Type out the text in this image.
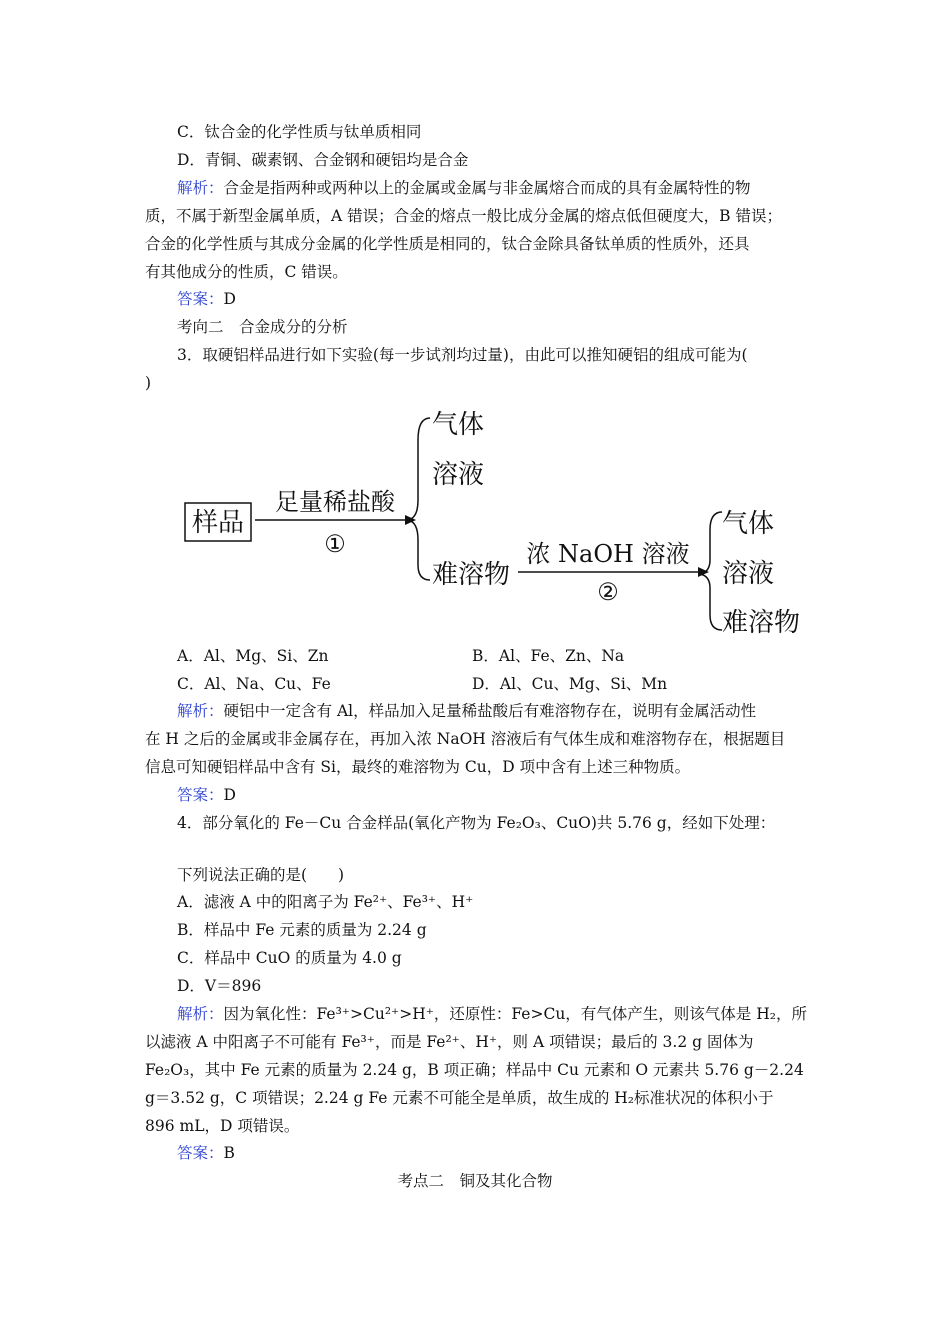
C．钛合金的化学性质与钛单质相同
D．青铜、碳素钢、合金钢和硬铝均是合金
解析：合金是指两种或两种以上的金属或金属与非金属熔合而成的具有金属特性的物
质，不属于新型金属单质，A 错误；合金的熔点一般比成分金属的熔点低但硬度大，B 错误；
合金的化学性质与其成分金属的化学性质是相同的，钛合金除具备钛单质的性质外，还具
有其他成分的性质，C 错误。
答案：D
考向二　合金成分的分析
3．取硬铝样品进行如下实验(每一步试剂均过量)，由此可以推知硬铝的组成可能为(
)
样品
足量稀盐酸
①
气体
溶液
难溶物
浓 NaOH 溶液
②
气体
溶液
难溶物
A．Al、Mg、Si、Zn	B．Al、Fe、Zn、Na
C．Al、Na、Cu、Fe	D．Al、Cu、Mg、Si、Mn
解析：硬铝中一定含有 Al，样品加入足量稀盐酸后有难溶物存在，说明有金属活动性
在 H 之后的金属或非金属存在，再加入浓 NaOH 溶液后有气体生成和难溶物存在，根据题目
信息可知硬铝样品中含有 Si，最终的难溶物为 Cu，D 项中含有上述三种物质。
答案：D
4．部分氧化的 Fe－Cu 合金样品(氧化产物为 Fe₂O₃、CuO)共 5.76 g，经如下处理：
下列说法正确的是(　　)
A．滤液 A 中的阳离子为 Fe²⁺、Fe³⁺、H⁺
B．样品中 Fe 元素的质量为 2.24 g
C．样品中 CuO 的质量为 4.0 g
D．V＝896
解析：因为氧化性：Fe³⁺>Cu²⁺>H⁺，还原性：Fe>Cu，有气体产生，则该气体是 H₂，所
以滤液 A 中阳离子不可能有 Fe³⁺，而是 Fe²⁺、H⁺，则 A 项错误；最后的 3.2 g 固体为
Fe₂O₃，其中 Fe 元素的质量为 2.24 g，B 项正确；样品中 Cu 元素和 O 元素共 5.76 g－2.24
g＝3.52 g，C 项错误；2.24 g Fe 元素不可能全是单质，故生成的 H₂标准状况的体积小于
896 mL，D 项错误。
答案：B
考点二　铜及其化合物
